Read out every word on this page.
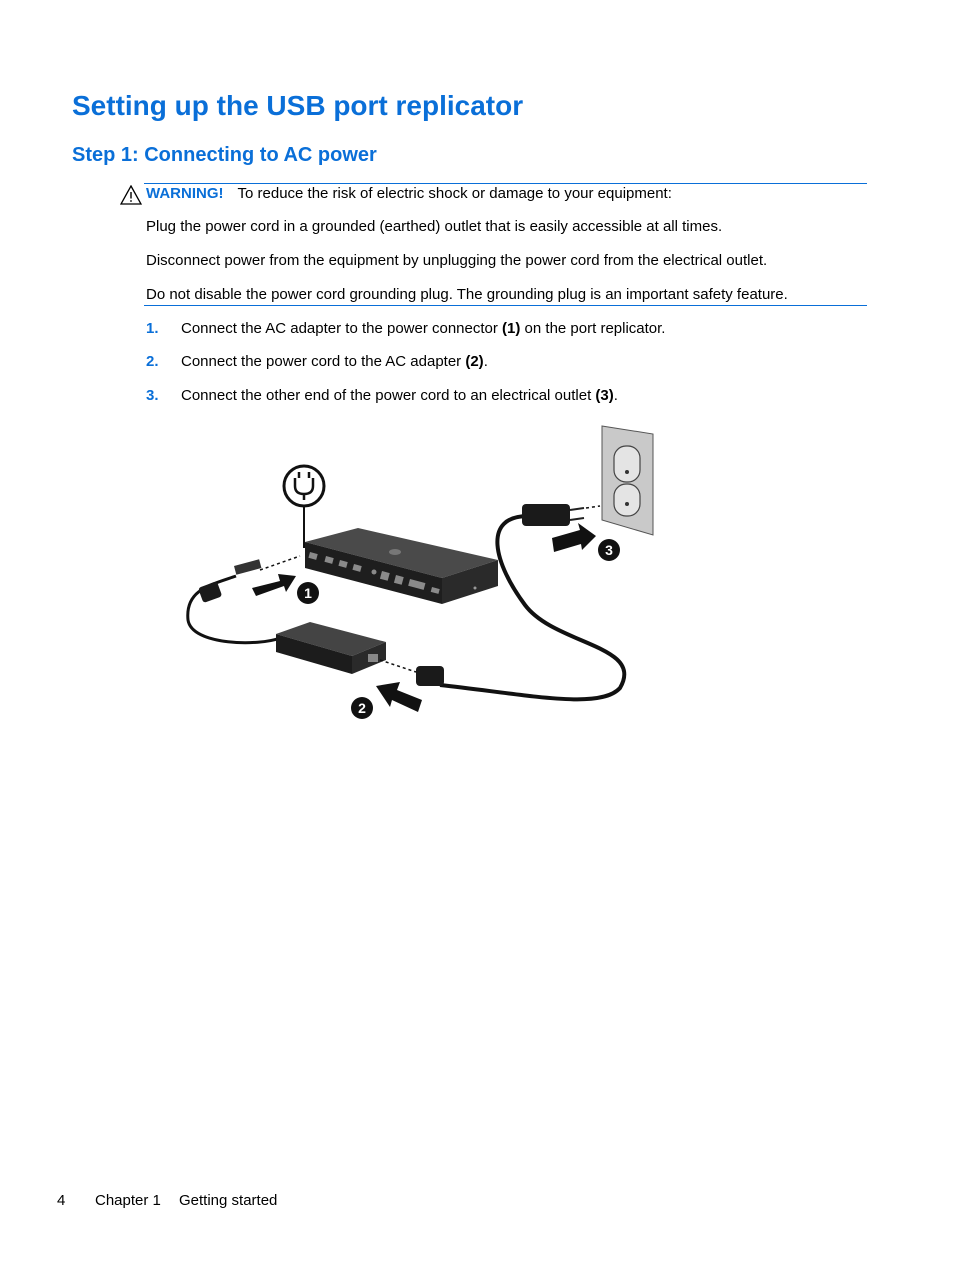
Setting up the USB port replicator
Step 1: Connecting to AC power
WARNING! To reduce the risk of electric shock or damage to your equipment:
Plug the power cord in a grounded (earthed) outlet that is easily accessible at all times.
Disconnect power from the equipment by unplugging the power cord from the electrical outlet.
Do not disable the power cord grounding plug. The grounding plug is an important safety feature.
1. Connect the AC adapter to the power connector (1) on the port replicator.
2. Connect the power cord to the AC adapter (2).
3. Connect the other end of the power cord to an electrical outlet (3).
3
1
2
4 Chapter 1 Getting started
